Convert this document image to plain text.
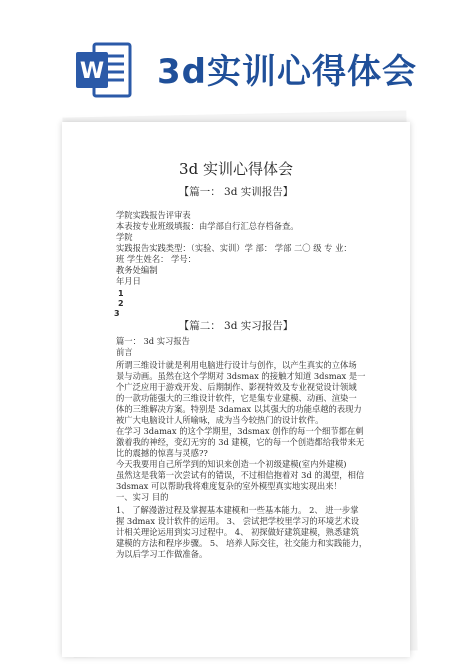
W 3d实训心得体会
3d 实训心得体会
【篇一： 3d 实训报告】
学院实践报告评审表
本表按专业班级填报：由学部自行汇总存档备查。
学院
实践报告实践类型：（实验、实训）学 部： 学部 二〇 级 专 业：
班 学生姓名： 学号：
教务处编制
年月日
1
2
3
【篇二： 3d 实习报告】
篇一： 3d 实习报告
前言
所谓三维设计就是利用电脑进行设计与创作，以产生真实的立体场
景与动画。虽然在这个学期对 3dsmax 的接触才知道 3dsmax 是一
个广泛应用于游戏开发、后期制作、影视特效及专业视觉设计领域
的一款功能强大的三维设计软件，它是集专业建模、动画、渲染一
体的三维解决方案。特别是 3damax 以其强大的功能卓越的表现力
被广大电脑设计人所喻咏，成为当今较热门的设计软件。
在学习 3damax 的这个学期里，3dsmax 创作的每一个细节都在刺
激着我的神经，变幻无穷的 3d 建模，它的每一个创造都给我带来无
比的震撼的惊喜与灵感??
今天我要用自己所学到的知识来创造一个初级建模(室内外建模)
虽然这是我第一次尝试有的错误，不过相信抱着对 3d 的渴望，相信
3dsmax 可以帮助我将难度复杂的室外模型真实地实现出来！
一、实习 目的
1、 了解漫游过程及掌握基本建模和一些基本能力。 2、 进一步掌
握 3dmax 设计软件的运用。 3、 尝试把学校里学习的环境艺术设
计相关理论运用到实习过程中。 4、 初探做好建筑建模，熟悉建筑
建模的方法和程序步骤。 5、 培养人际交往，社交能力和实践能力，
为以后学习工作做准备。
